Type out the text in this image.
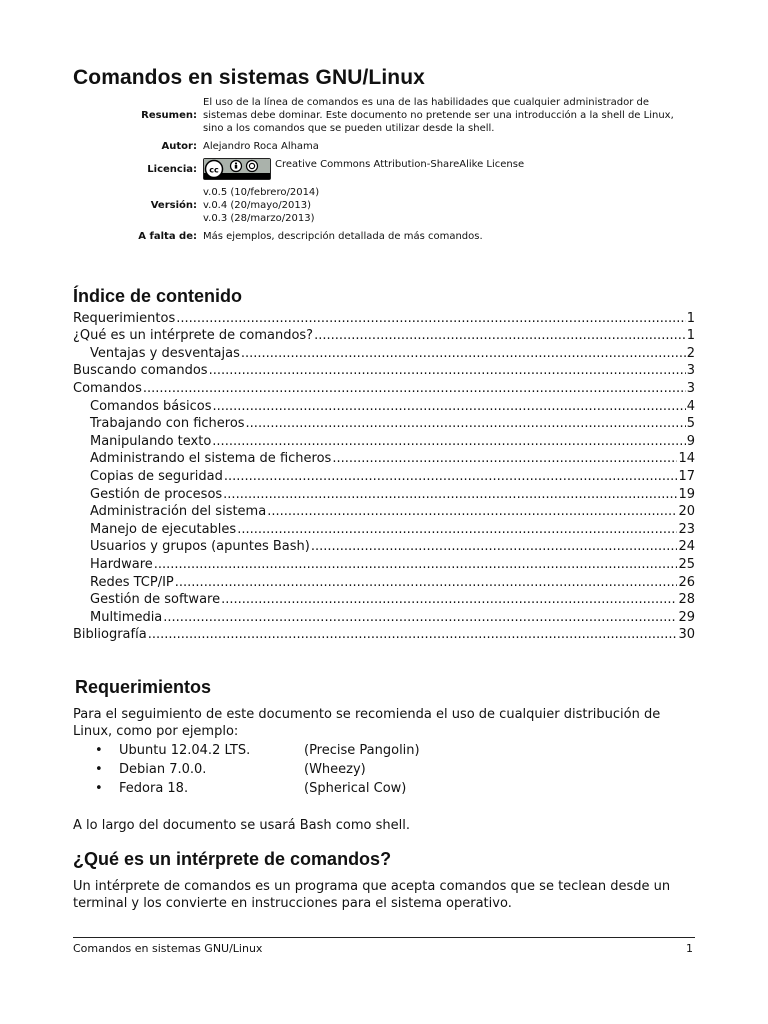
Comandos en sistemas GNU/Linux
Resumen:
El uso de la línea de comandos es una de las habilidades que cualquier administrador de
sistemas debe dominar. Este documento no pretende ser una introducción a la shell de Linux,
sino a los comandos que se pueden utilizar desde la shell.
Autor: Alejandro Roca Alhama
Licencia:	cc	Creative Commons Attribution-ShareAlike License
Versión:
v.0.5 (10/febrero/2014)
v.0.4 (20/mayo/2013)
v.0.3 (28/marzo/2013)
A falta de: Más ejemplos, descripción detallada de más comandos.
Índice de contenido
Requerimientos .....	1
¿Qué es un intérprete de comandos? .....	1
Ventajas y desventajas .....	2
Buscando comandos .....	3
Comandos .....	3
Comandos básicos .....	4
Trabajando con ficheros .....	5
Manipulando texto .....	9
Administrando el sistema de ficheros .....	14
Copias de seguridad .....	17
Gestión de procesos .....	19
Administración del sistema .....	20
Manejo de ejecutables .....	23
Usuarios y grupos (apuntes Bash) .....	24
Hardware .....	25
Redes TCP/IP .....	26
Gestión de software .....	28
Multimedia .....	29
Bibliografía .....	30
Requerimientos
Para el seguimiento de este documento se recomienda el uso de cualquier distribución de Linux, como por ejemplo:
•	Ubuntu 12.04.2 LTS.	(Precise Pangolin)
•	Debian 7.0.0.	(Wheezy)
•	Fedora 18.	(Spherical Cow)
A lo largo del documento se usará Bash como shell.
¿Qué es un intérprete de comandos?
Un intérprete de comandos es un programa que acepta comandos que se teclean desde un terminal y los convierte en instrucciones para el sistema operativo.
Comandos en sistemas GNU/Linux	1
